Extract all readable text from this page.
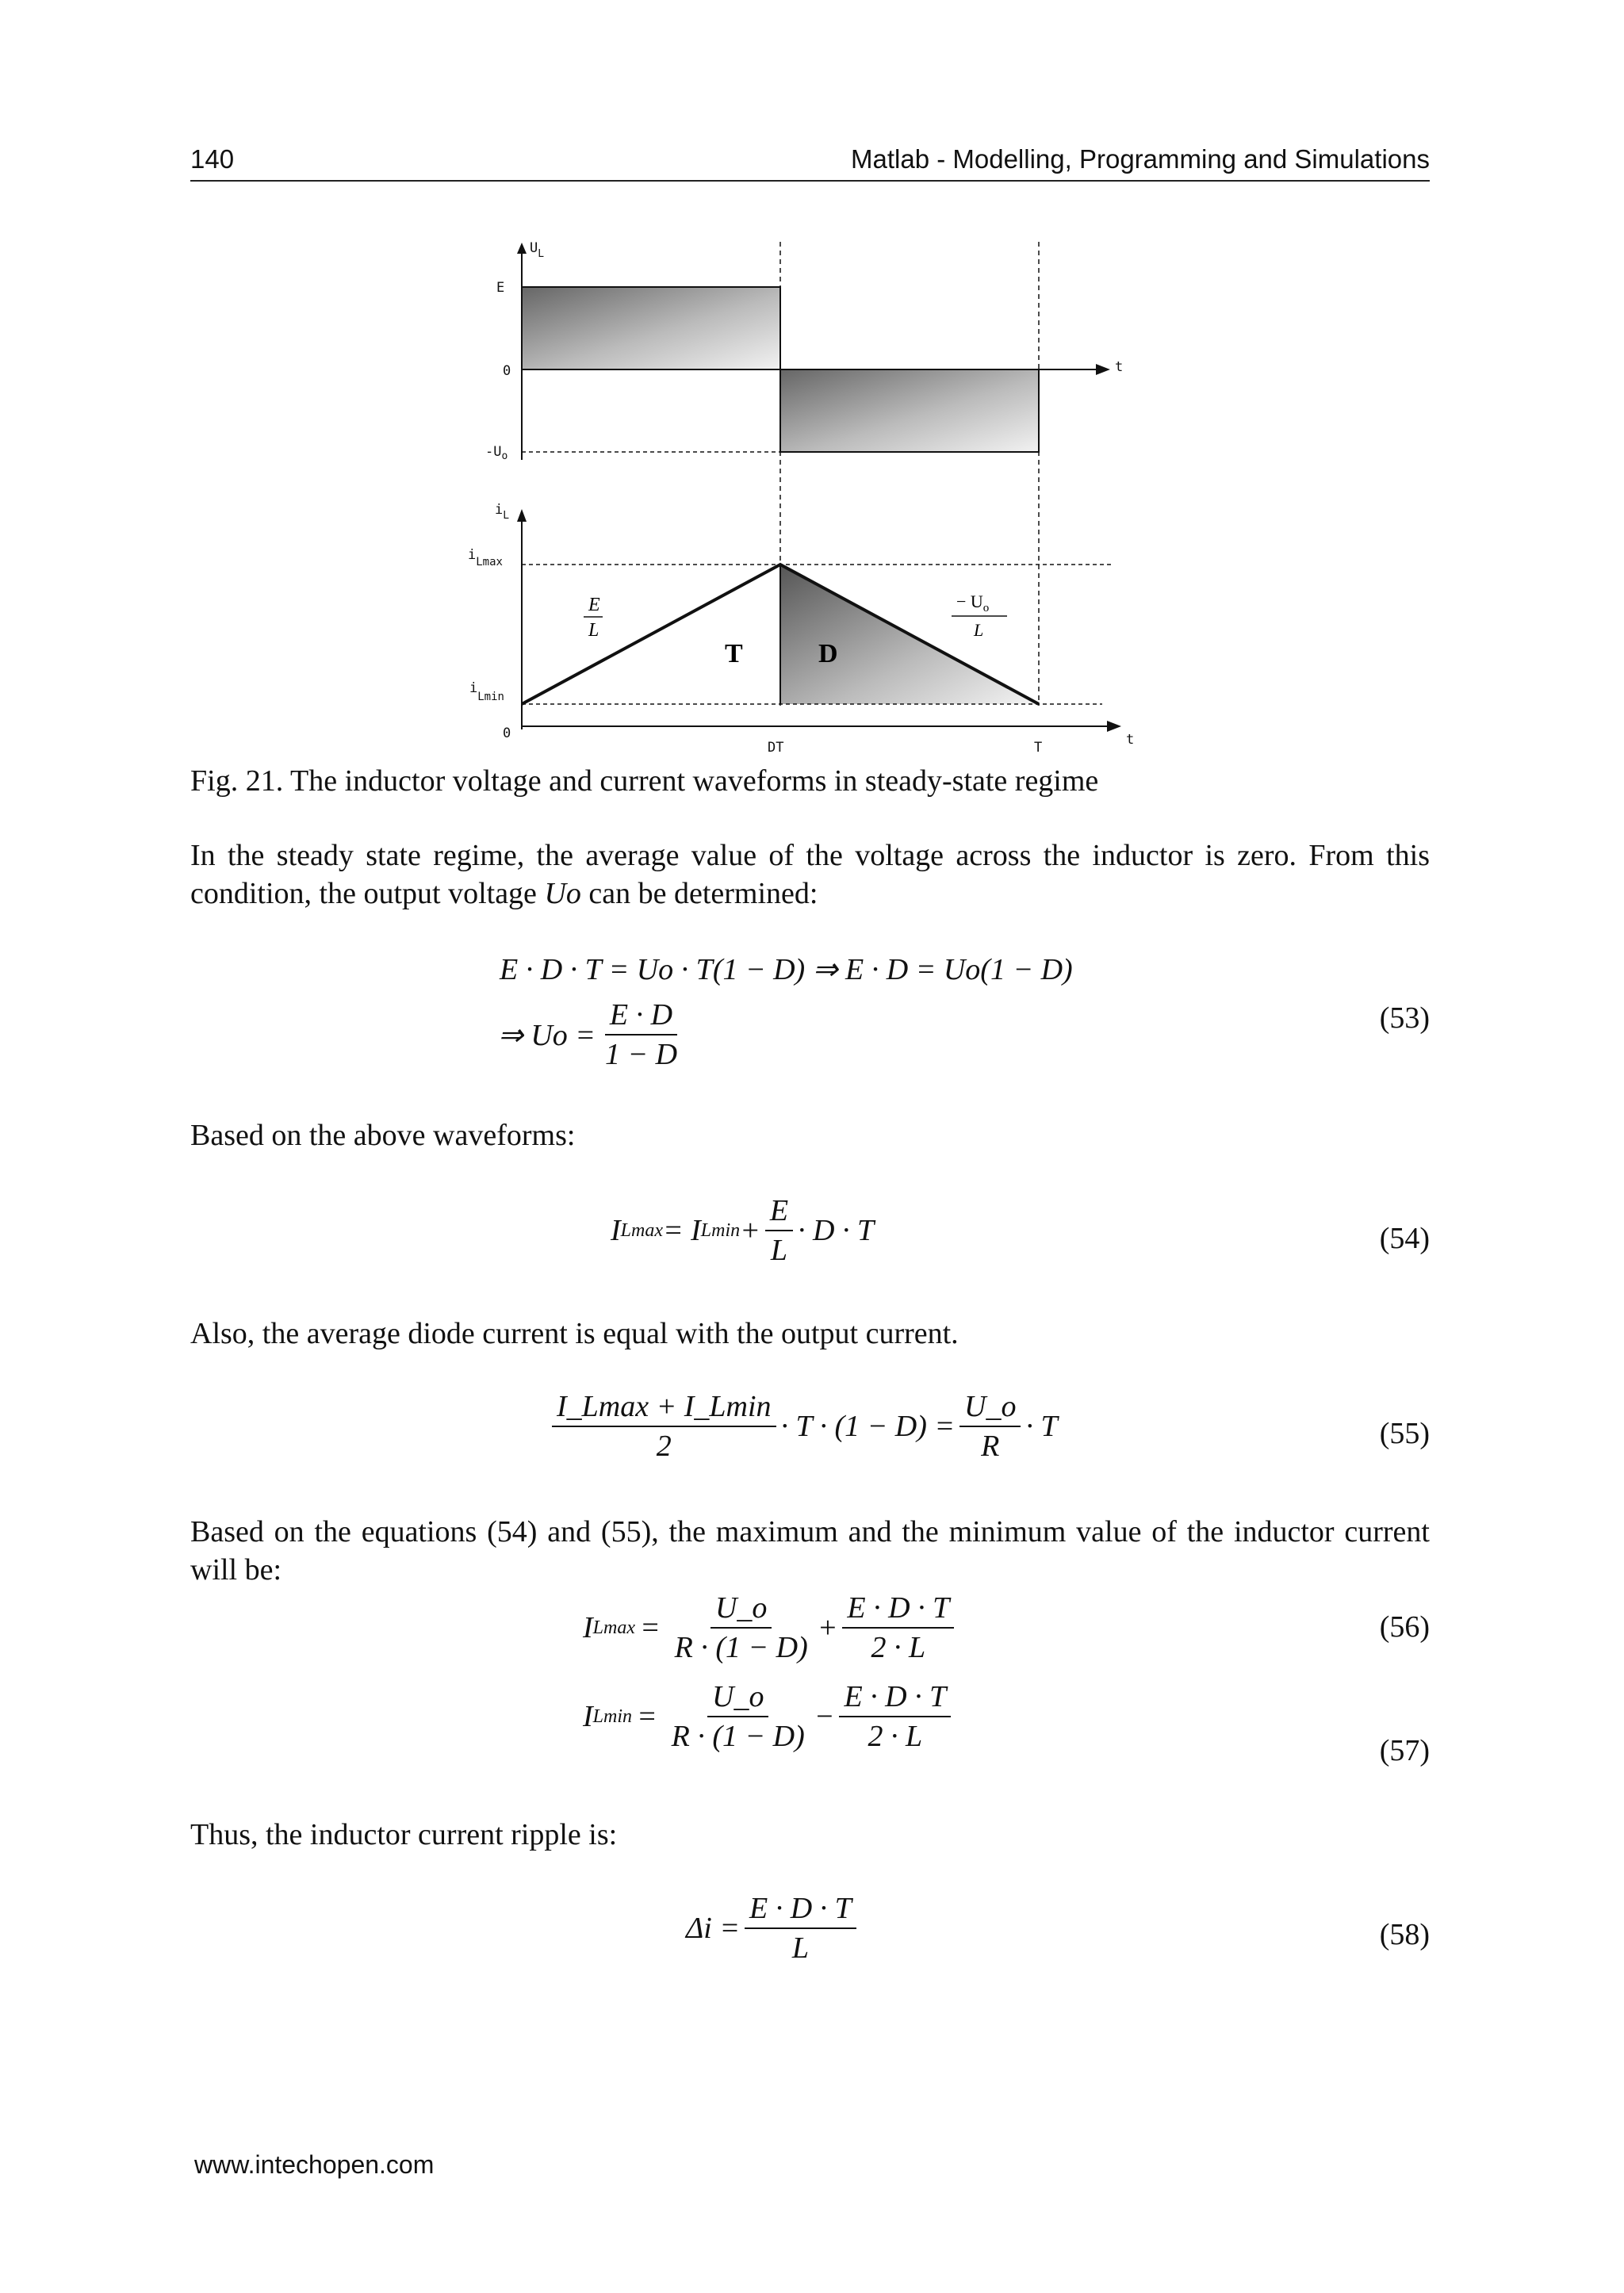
140	Matlab - Modelling, Programming and Simulations
$U_L$
E
0	t
$-U_o$
$i_L$
$i_{Lmax}$
$i_{Lmin}$
0
E
L
− $U_o$
L
T	D
DT	T	t
Fig. 21. The inductor voltage and current waveforms in steady-state regime
In the steady state regime, the average value of the voltage across the inductor is zero. From this condition, the output voltage Uo can be determined:
E · D · T = Uo · T(1 − D) ⇒ E · D = Uo(1 − D)
⇒ $Uo = \frac{E \cdot D}{1 - D}$	(53)
Based on the above waveforms:
I Lmax = I $Lmin + \frac{E}{L} \cdot D \cdot T$	(54)
Also, the average diode current is equal with the output current.
$\frac{I\_Lmax + I\_Lmin}{2} \cdot T \cdot (1 - D) = \frac{U\_o}{R} \cdot T$	(55)
Based on the equations (54) and (55), the maximum and the minimum value of the inductor current will be:
I $Lmax = \frac{U\_o}{R \cdot (1 - D)} + \frac{E \cdot D \cdot T}{2 \cdot L}$	(56)
I $Lmin = \frac{U\_o}{R \cdot (1 - D)} - \frac{E \cdot D \cdot T}{2 \cdot L}$	(57)
Thus, the inductor current ripple is:
$\Delta i = \frac{E \cdot D \cdot T}{L}$	(58)
www.intechopen.com
